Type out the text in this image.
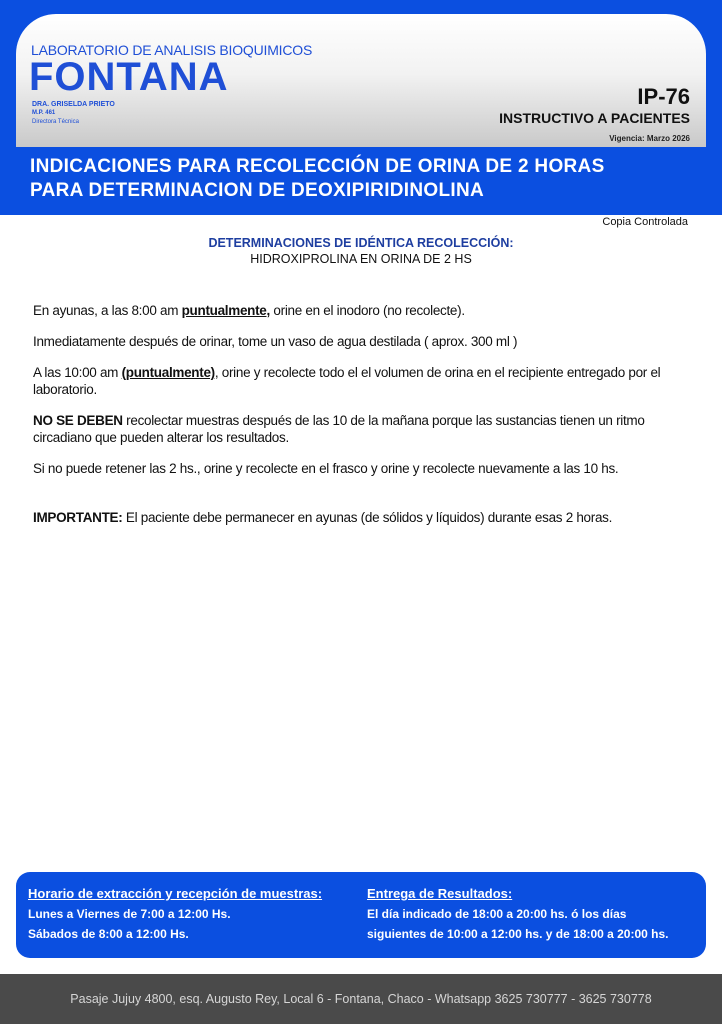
LABORATORIO DE ANALISIS BIOQUIMICOS
FONTANA
DRA. GRISELDA PRIETO
M.P. 461
Directora Técnica
IP-76
INSTRUCTIVO A PACIENTES
Vigencia: Marzo 2026
INDICACIONES PARA RECOLECCIÓN DE ORINA DE 2 HORAS
PARA DETERMINACION DE DEOXIPIRIDINOLINA
Copia Controlada
DETERMINACIONES DE IDÉNTICA RECOLECCIÓN:
HIDROXIPROLINA EN ORINA DE 2 HS

En ayunas, a las 8:00 am puntualmente, orine en el inodoro (no recolecte).

Inmediatamente después de orinar, tome un vaso de agua destilada ( aprox. 300 ml )

A las 10:00 am (puntualmente), orine y recolecte todo el el volumen de orina en el recipiente entregado por el laboratorio.

NO SE DEBEN recolectar muestras después de las 10 de la mañana porque las sustancias tienen un ritmo circadiano que pueden alterar los resultados.

Si no puede retener las 2 hs., orine y recolecte en el frasco y orine y recolecte nuevamente a las 10 hs.

IMPORTANTE: El paciente debe permanecer en ayunas (de sólidos y líquidos) durante esas 2 horas.

Horario de extracción y recepción de muestras:
Lunes a Viernes de 7:00 a 12:00 Hs.
Sábados de 8:00 a 12:00 Hs.
Entrega de Resultados:
El día indicado de 18:00 a 20:00 hs. ó los días
siguientes de 10:00 a 12:00 hs. y de 18:00 a 20:00 hs.
Pasaje Jujuy 4800, esq. Augusto Rey, Local 6 - Fontana, Chaco - Whatsapp 3625 730777 - 3625 730778
